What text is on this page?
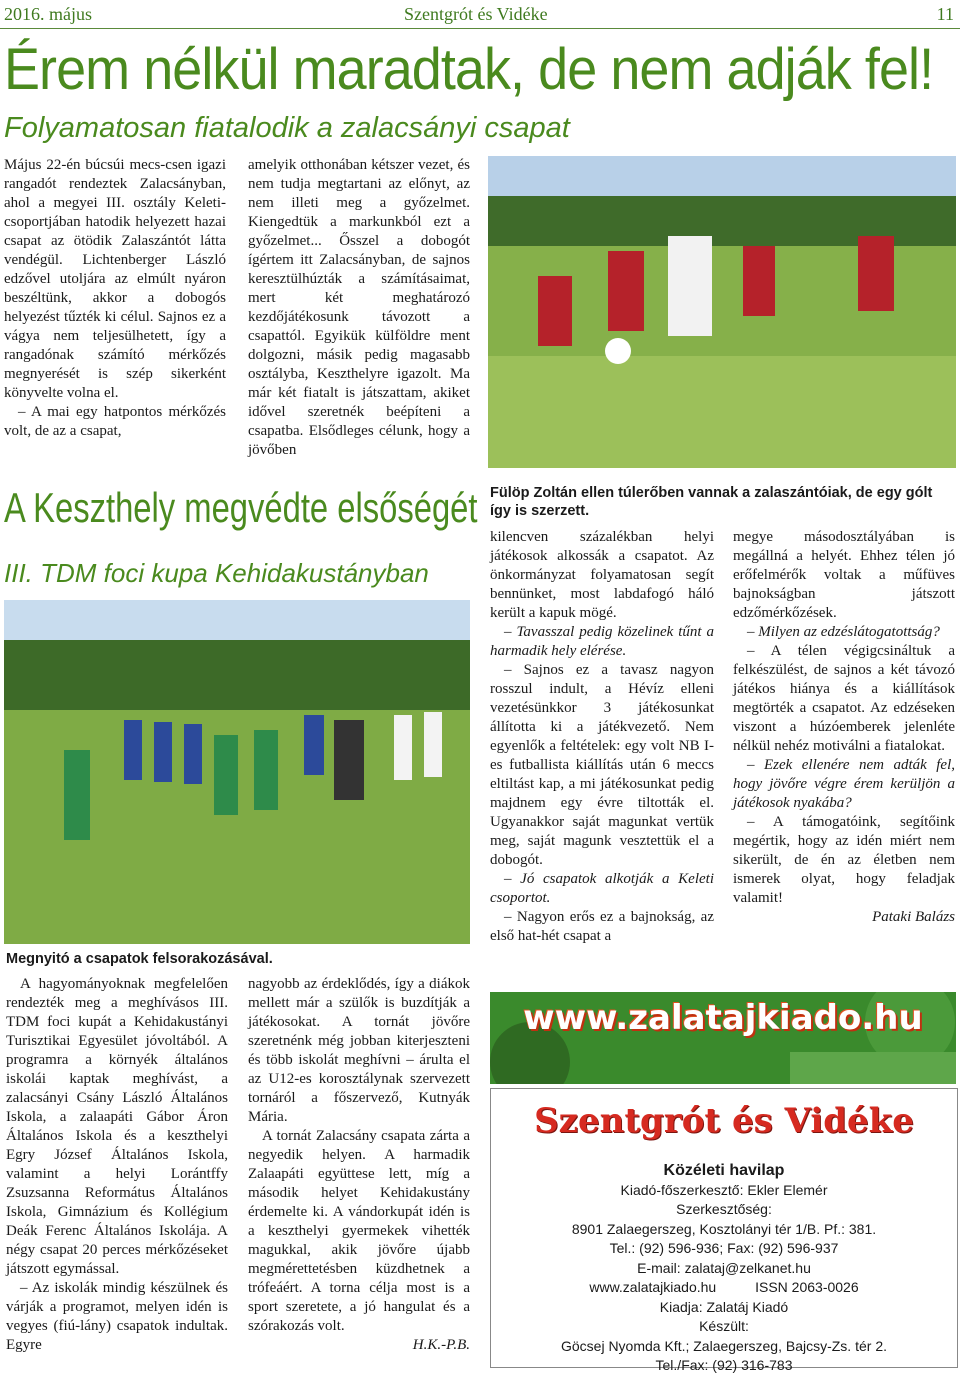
2016. május	Szentgrót és Vidéke	11
Érem nélkül maradtak, de nem adják fel!
Folyamatosan fiatalodik a zalacsányi csapat

Május 22-én búcsúi mecs-csen igazi rangadót rendeztek Zalacsányban, ahol a megyei III. osztály Keleti-csoportjában hatodik helyezett hazai csapat az ötödik Zalaszántót látta vendégül. Lichtenberger László edzővel utoljára az elmúlt nyáron beszéltünk, akkor a dobogós helyezést tűzték ki célul. Sajnos ez a vágya nem teljesülhetett, így a rangadónak számító mérkőzés megnyerését is szép sikerként könyvelte volna el.

– A mai egy hatpontos mérkőzés volt, de az a csapat,

amelyik otthonában kétszer vezet, és nem tudja megtartani az előnyt, az nem illeti meg a győzelmet. Kiengedtük a markunkból ezt a győzelmet... Ősszel a dobogót ígértem itt Zalacsányban, de sajnos keresztülhúzták a számításaimat, mert két meghatározó kezdőjátékosunk távozott a csapattól. Egyikük külföldre ment dolgozni, másik pedig magasabb osztályba, Keszthelyre igazolt. Ma már két fiatalt is játszattam, akiket idővel szeretnék beépíteni a csapatba. Elsődleges célunk, hogy a jövőben

Fülöp Zoltán ellen túlerőben vannak a zalaszántóiak, de egy gólt így is szerzett.

kilencven százalékban helyi játékosok alkossák a csapatot. Az önkormányzat folyamatosan segít bennünket, most labdafogó háló került a kapuk mögé.

– Tavasszal pedig közelinek tűnt a harmadik hely elérése.

– Sajnos ez a tavasz nagyon rosszul indult, a Hévíz elleni vezetésünkkor 3 játékosunkat állította ki a játékvezető. Nem egyenlők a feltételek: egy volt NB I-es futballista kiállítás után 6 meccs eltiltást kap, a mi játékosunkat pedig majdnem egy évre tiltották el. Ugyanakkor saját magunkat vertük meg, saját magunk vesztettük el a dobogót.

– Jó csapatok alkotják a Keleti csoportot.

– Nagyon erős ez a bajnokság, az első hat-hét csapat a

megye másodosztályában is megállná a helyét. Ehhez télen jó erőfelmérők voltak a műfüves bajnokságban játszott edzőmérkőzések.

– Milyen az edzéslátogatottság?

– A télen végigcsináltuk a felkészülést, de sajnos a két távozó játékos hiánya és a kiállítások megtörték a csapatot. Az edzéseken viszont a húzóemberek jelenléte nélkül nehéz motiválni a fiatalokat.

– Ezek ellenére nem adták fel, hogy jövőre végre érem kerüljön a játékosok nyakába?

– A támogatóink, segítőink megértik, hogy az idén miért nem sikerült, de én az életben nem ismerek olyat, hogy feladjak valamit!

Pataki Balázs
A Keszthely megvédte elsőségét
III. TDM foci kupa Kehidakustányban
Megnyitó a csapatok felsorakozásával.

A hagyományoknak megfelelően rendezték meg a meghívásos III. TDM foci kupát a Kehidakustányi Turisztikai Egyesület jóvoltából. A programra a környék általános iskolái kaptak meghívást, a zalacsányi Csány László Általános Iskola, a zalaapáti Gábor Áron Általános Iskola és a keszthelyi Egry József Általános Iskola, valamint a helyi Lorántffy Zsuzsanna Református Általános Iskola, Gimnázium és Kollégium Deák Ferenc Általános Iskolája. A négy csapat 20 perces mérkőzéseket játszott egymással.

– Az iskolák mindig készülnek és várják a programot, melyen idén is vegyes (fiú-lány) csapatok indultak. Egyre

nagyobb az érdeklődés, így a diákok mellett már a szülők is buzdítják a játékosokat. A tornát jövőre szeretnénk még jobban kiterjeszteni és több iskolát meghívni – árulta el az U12-es korosztálynak szervezett tornáról a főszervező, Kutnyák Mária.

A tornát Zalacsány csapata zárta a negyedik helyen. A harmadik Zalaapáti együttese lett, míg a második helyet Kehidakustány érdemelte ki. A vándorkupát idén is a keszthelyi gyermekek vihették magukkal, akik jövőre újabb megmérettetésben küzdhetnek a trófeáért. A torna célja most is a sport szeretete, a jó hangulat és a szórakozás volt.

H.K.-P.B.
www.zalatajkiado.hu
Szentgrót és Vidéke
Közéleti havilap
Kiadó-főszerkesztő: Ekler Elemér
Szerkesztőség:
8901 Zalaegerszeg, Kosztolányi tér 1/B. Pf.: 381.
Tel.: (92) 596-936; Fax: (92) 596-937
E-mail: zalataj@zelkanet.hu
www.zalatajkiado.hu          ISSN 2063-0026
Kiadja: Zalatáj Kiadó
Készült:
Göcsej Nyomda Kft.; Zalaegerszeg, Bajcsy-Zs. tér 2.
Tel./Fax: (92) 316-783
